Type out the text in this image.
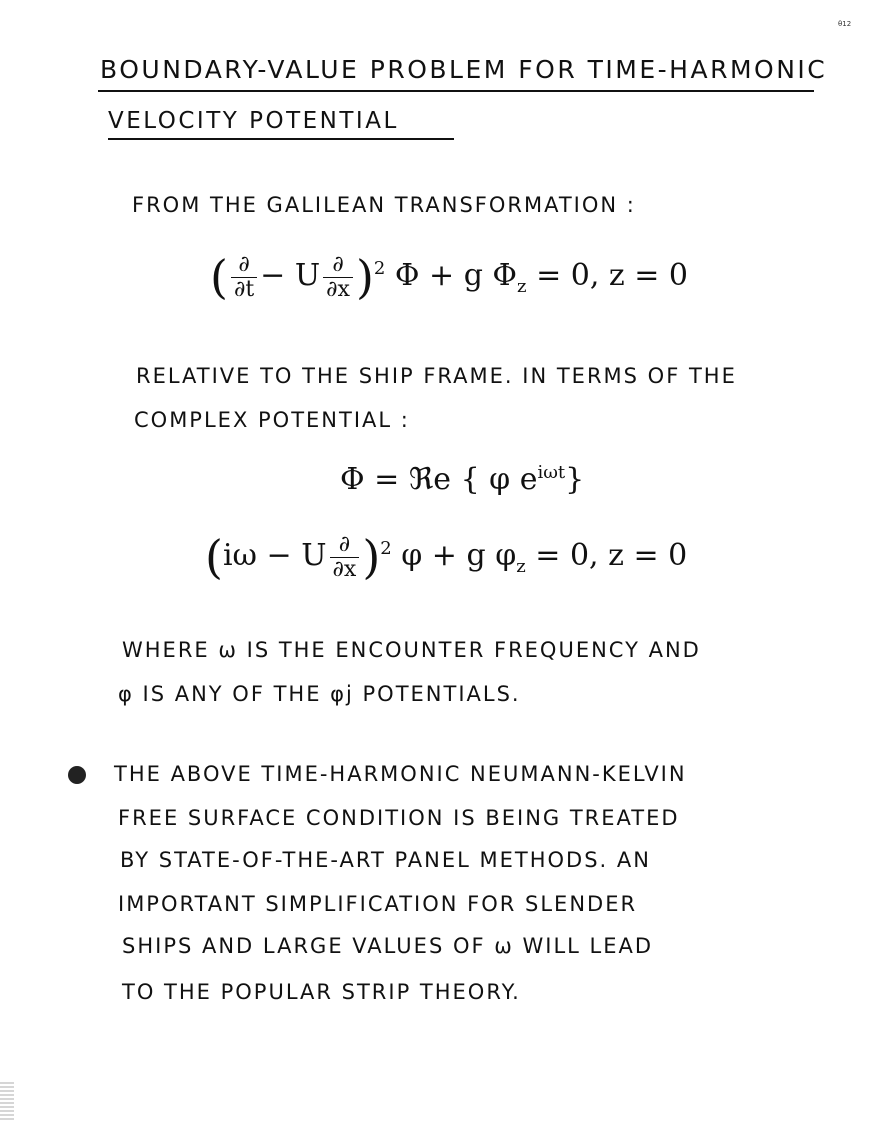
θ12
BOUNDARY-VALUE PROBLEM FOR TIME-HARMONIC
VELOCITY POTENTIAL
FROM THE GALILEAN TRANSFORMATION :
( $\frac{\partial}{\partial t} - U \frac{\partial}{\partial x} )^2$ Φ + g $\Phi_z = 0$, z = 0
RELATIVE TO THE SHIP FRAME. IN TERMS OF THE
COMPLEX POTENTIAL :
Φ = ℜe { φ $e^{i\omega t}$}
(iω − U $\frac{\partial}{\partial x} )^2$ φ + g $\varphi_z = 0$, z = 0
WHERE ω IS THE ENCOUNTER FREQUENCY AND
φ IS ANY OF THE φj POTENTIALS.
THE ABOVE TIME-HARMONIC NEUMANN-KELVIN
FREE SURFACE CONDITION IS BEING TREATED
BY STATE-OF-THE-ART PANEL METHODS. AN
IMPORTANT SIMPLIFICATION FOR SLENDER
SHIPS AND LARGE VALUES OF ω WILL LEAD
TO THE POPULAR STRIP THEORY.
